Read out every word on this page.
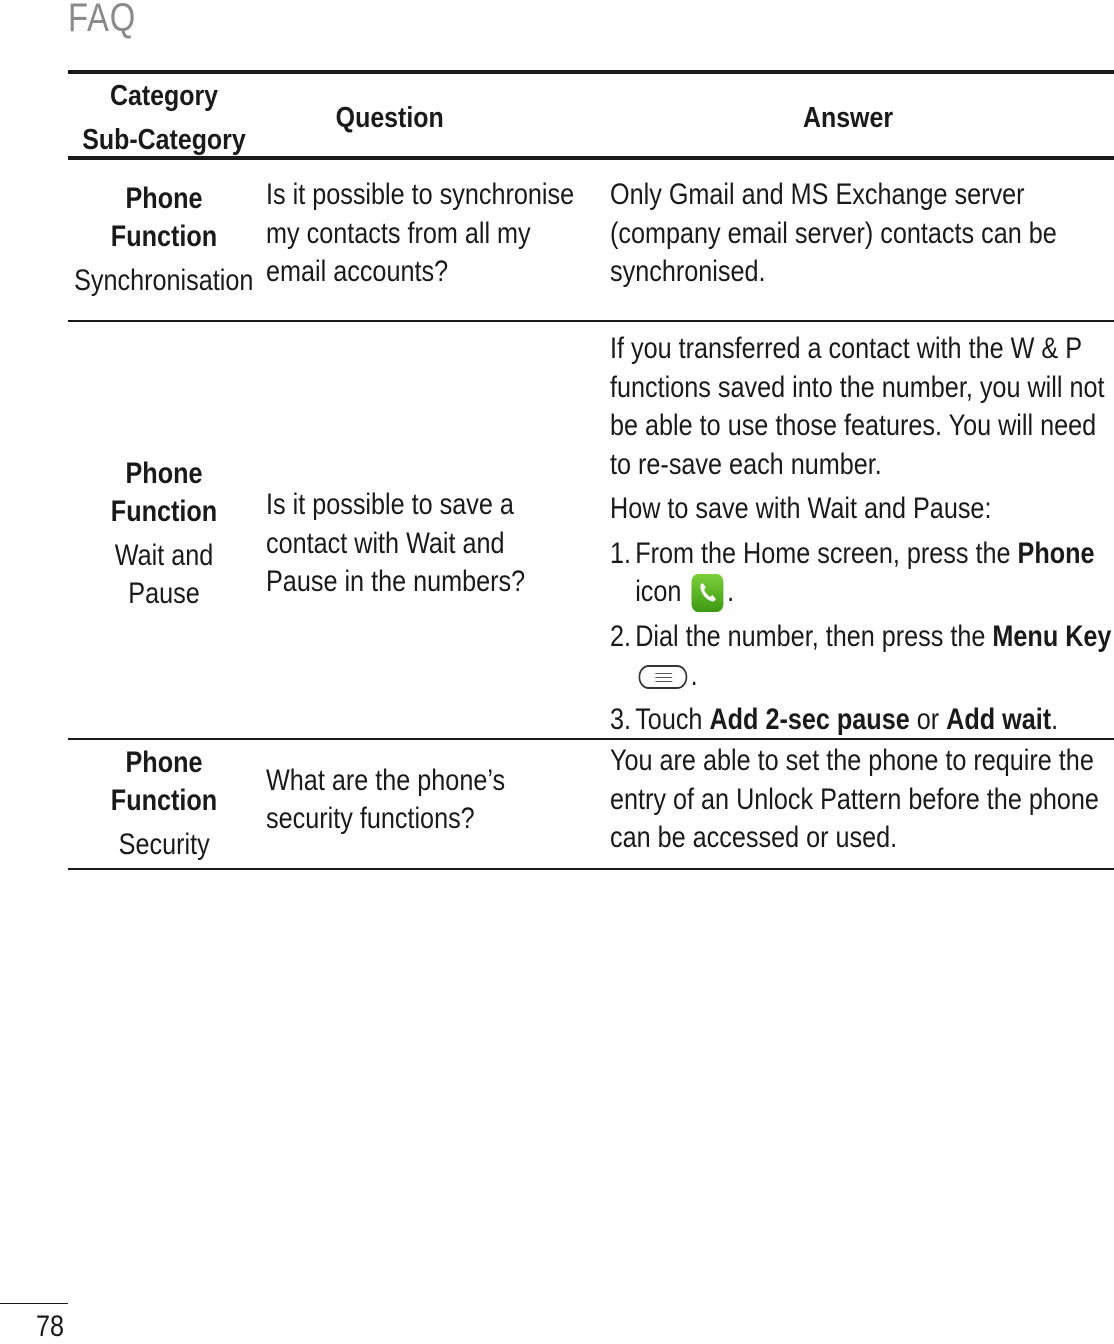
FAQ
Category
Sub-Category
Question	Answer
Phone Function
Synchronisation
Is it possible to synchronise my contacts from all my email accounts?
Only Gmail and MS Exchange server (company email server) contacts can be synchronised.
Phone Function
Wait and Pause
Is it possible to save a contact with Wait and Pause in the numbers?

If you transferred a contact with the W & P functions saved into the number, you will not be able to use those features. You will need to re-save each number.

How to save with Wait and Pause:

1. From the Home screen, press the Phone icon .
2. Dial the number, then press the Menu Key
.
3. Touch Add 2-sec pause or Add wait.
Phone Function
Security
What are the phone’s security functions?
You are able to set the phone to require the entry of an Unlock Pattern before the phone can be accessed or used.
78
